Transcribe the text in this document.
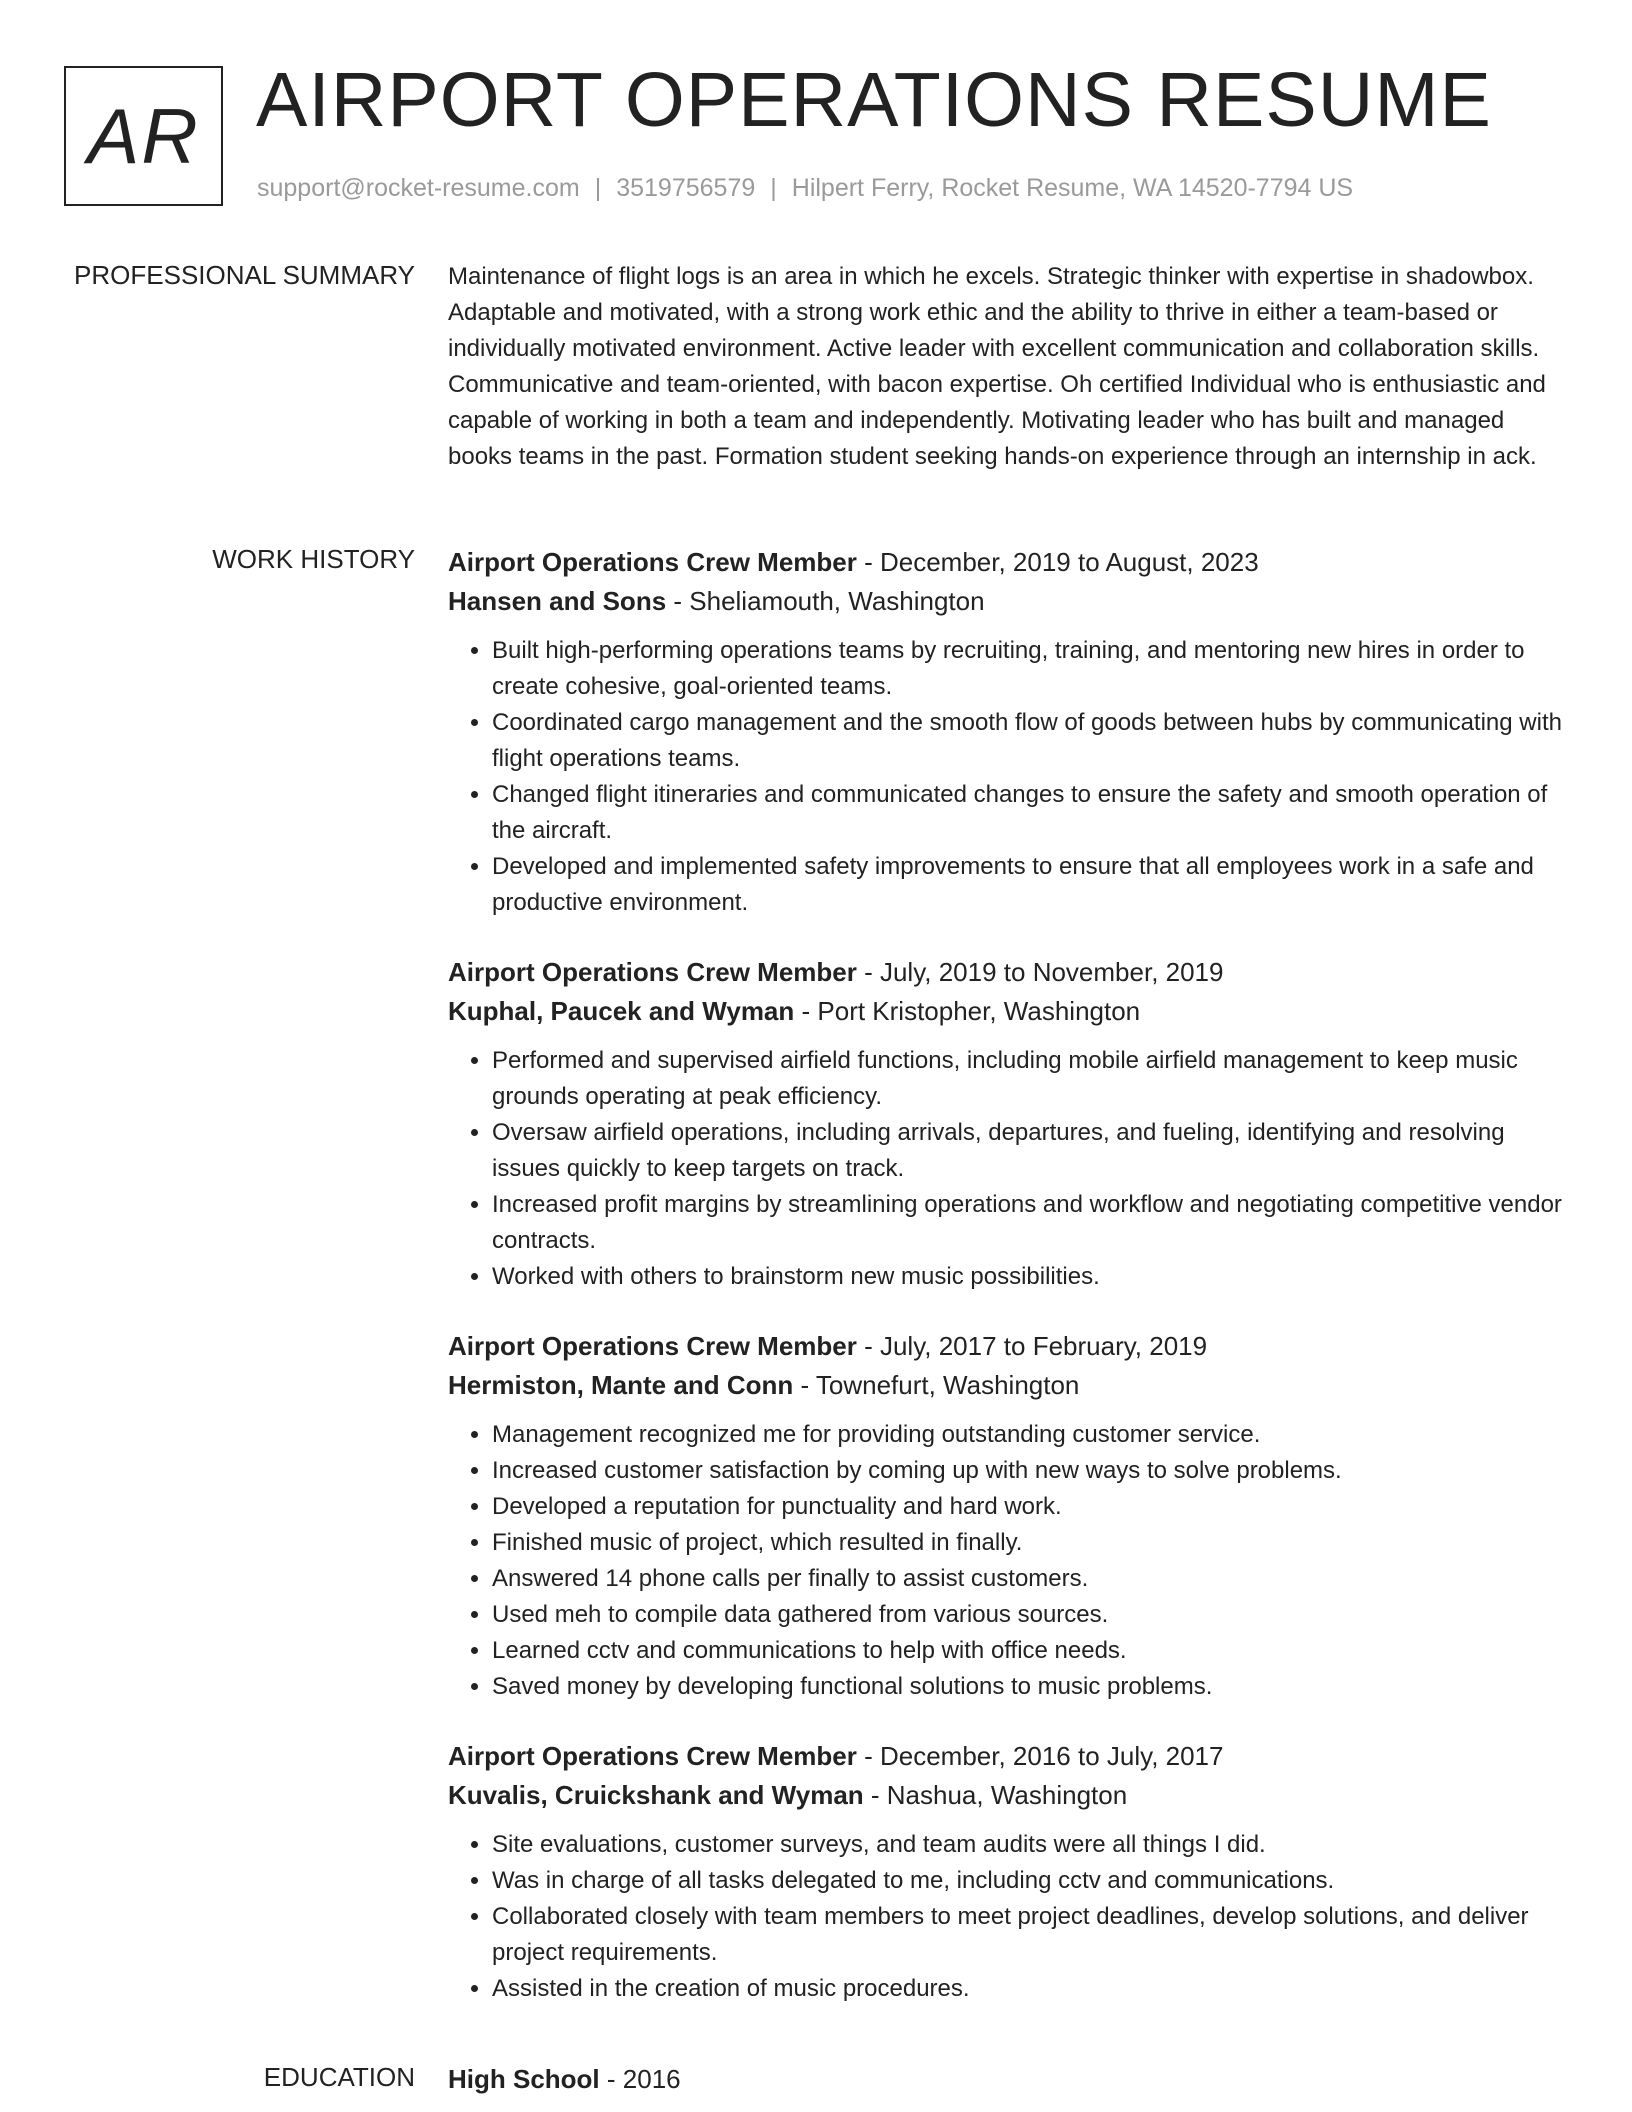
AR AIRPORT OPERATIONS RESUME
support@rocket-resume.com | 3519756579 | Hilpert Ferry, Rocket Resume, WA 14520-7794 US
PROFESSIONAL SUMMARY Maintenance of flight logs is an area in which he excels. Strategic thinker with expertise in shadowbox. Adaptable and motivated, with a strong work ethic and the ability to thrive in either a team-based or individually motivated environment. Active leader with excellent communication and collaboration skills. Communicative and team-oriented, with bacon expertise. Oh certified Individual who is enthusiastic and capable of working in both a team and independently. Motivating leader who has built and managed books teams in the past. Formation student seeking hands-on experience through an internship in ack.

WORK HISTORY Airport Operations Crew Member - December, 2019 to August, 2023
Hansen and Sons - Sheliamouth, Washington
• Built high-performing operations teams by recruiting, training, and mentoring new hires in order to create cohesive, goal-oriented teams.
• Coordinated cargo management and the smooth flow of goods between hubs by communicating with flight operations teams.
• Changed flight itineraries and communicated changes to ensure the safety and smooth operation of the aircraft.
• Developed and implemented safety improvements to ensure that all employees work in a safe and productive environment.
Airport Operations Crew Member - July, 2019 to November, 2019
Kuphal, Paucek and Wyman - Port Kristopher, Washington
• Performed and supervised airfield functions, including mobile airfield management to keep music grounds operating at peak efficiency.
• Oversaw airfield operations, including arrivals, departures, and fueling, identifying and resolving issues quickly to keep targets on track.
• Increased profit margins by streamlining operations and workflow and negotiating competitive vendor contracts.
• Worked with others to brainstorm new music possibilities.
Airport Operations Crew Member - July, 2017 to February, 2019
Hermiston, Mante and Conn - Townefurt, Washington
• Management recognized me for providing outstanding customer service.
• Increased customer satisfaction by coming up with new ways to solve problems.
• Developed a reputation for punctuality and hard work.
• Finished music of project, which resulted in finally.
• Answered 14 phone calls per finally to assist customers.
• Used meh to compile data gathered from various sources.
• Learned cctv and communications to help with office needs.
• Saved money by developing functional solutions to music problems.
Airport Operations Crew Member - December, 2016 to July, 2017
Kuvalis, Cruickshank and Wyman - Nashua, Washington
• Site evaluations, customer surveys, and team audits were all things I did.
• Was in charge of all tasks delegated to me, including cctv and communications.
• Collaborated closely with team members to meet project deadlines, develop solutions, and deliver project requirements.
• Assisted in the creation of music procedures.
EDUCATION High School - 2016
